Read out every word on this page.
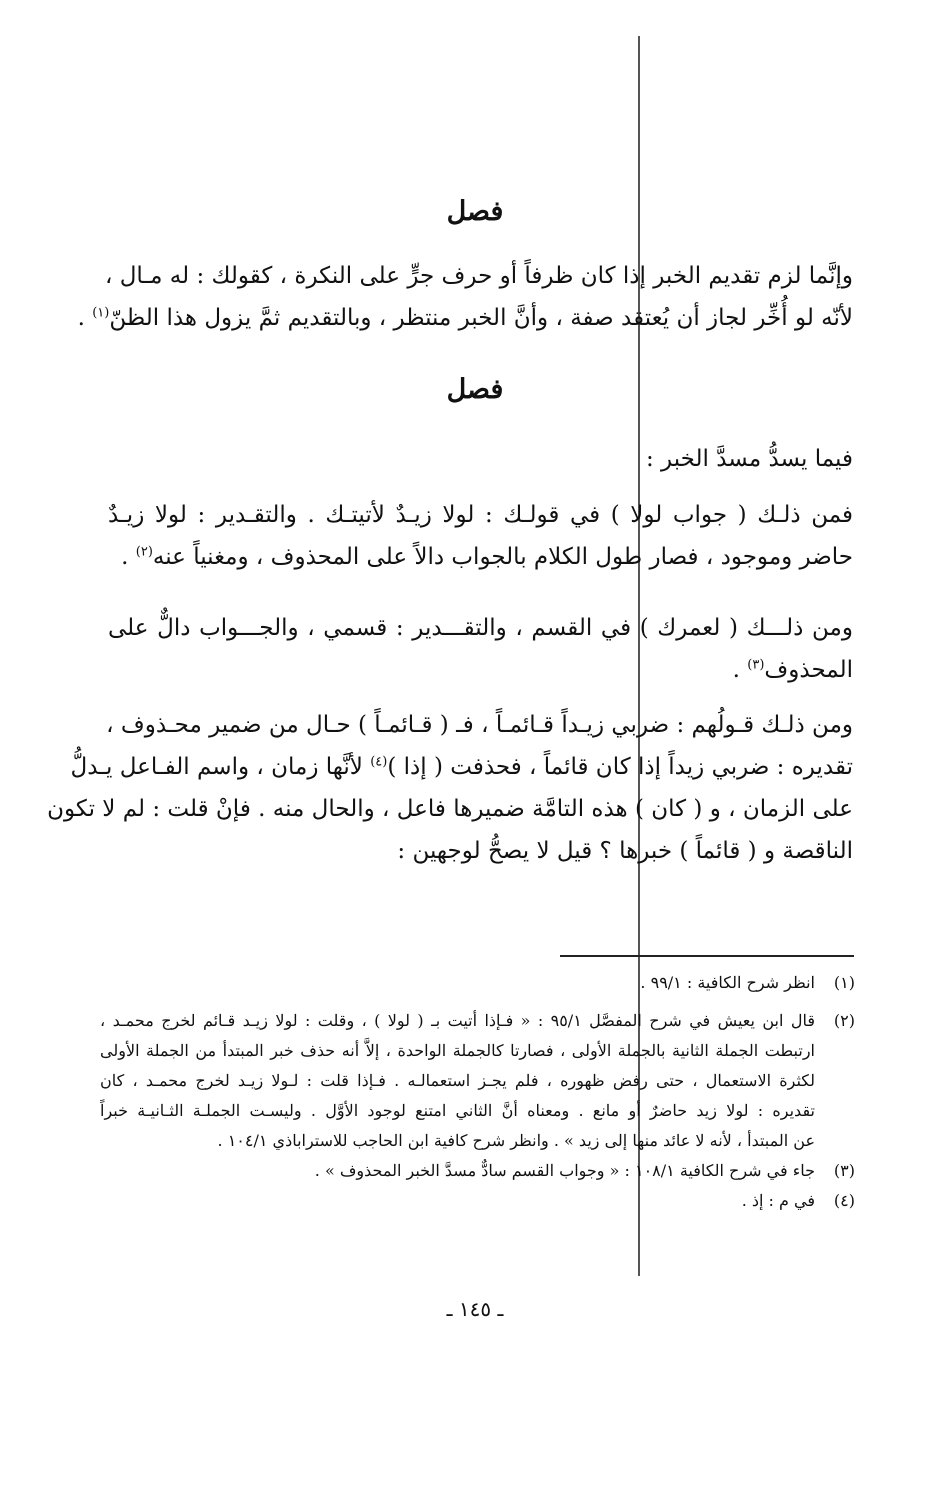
فصل
وإنَّما لزم تقديم الخبر إذا كان ظرفاً أو حرف جرٍّ على النكرة ، كقولك : له مـال ،
لأنّه لو أُخِّر لجاز أن يُعتقد صفة ، وأنَّ الخبر منتظر ، وبالتقديم ثمَّ يزول هذا الظنّ$^{(١)}$ .
فصل
فيما يسدُّ مسدَّ الخبر :
فمن ذلـك ( جواب لولا ) في قولـك : لولا زيـدٌ لأتيتـك . والتقـدير : لولا زيـدٌ
حاضر وموجود ، فصار طول الكلام بالجواب دالاً على المحذوف ، ومغنياً عنه$^{(٢)}$ .
ومن ذلـــك ( لعمرك ) في القسم ، والتقـــدير : قسمي ، والجـــواب دالٌّ على
المحذوف$^{(٣)}$ .
ومن ذلـك قـولُهم : ضربي زيـداً قـائمـاً ، فـ ( قـائمـاً ) حـال من ضمير محـذوف ،
تقديره : ضربي زيداً إذا كان قائماً ، فحذفت ( إذا )$^{(٤)}$ لأنَّها زمان ، واسم الفـاعل يـدلُّ
على الزمان ، و ( كان ) هذه التامَّة ضميرها فاعل ، والحال منه . فإنْ قلت : لم لا تكون
الناقصة و ( قائماً ) خبرها ؟ قيل لا يصحُّ لوجهين :
(١)
انظر شرح الكافية : ٩٩/١ .
(٢)
قال ابن يعيش في شرح المفصَّل ٩٥/١ : « فـإذا أتيت بـ ( لولا ) ، وقلت : لولا زيـد قـائم لخرج محمـد ،
ارتبطت الجملة الثانية بالجملة الأولى ، فصارتا كالجملة الواحدة ، إلاَّ أنه حذف خبر المبتدأ من الجملة الأولى
لكثرة الاستعمال ، حتى رفض ظهوره ، فلم يجـز استعمالـه . فـإذا قلت : لـولا زيـد لخرج محمـد ، كان
تقديره : لولا زيد حاضرٌ أو مانع . ومعناه أنَّ الثاني امتنع لوجود الأوَّل . وليسـت الجملـة الثـانيـة خبراً
عن المبتدأ ، لأنه لا عائد منها إلى زيد » . وانظر شرح كافية ابن الحاجب للاستراباذي ١٠٤/١ .
(٣)
جاء في شرح الكافية ١٠٨/١ : « وجواب القسم سادٌّ مسدَّ الخبر المحذوف » .
(٤)
في م : إذ .
ـ ١٤٥ ـ
